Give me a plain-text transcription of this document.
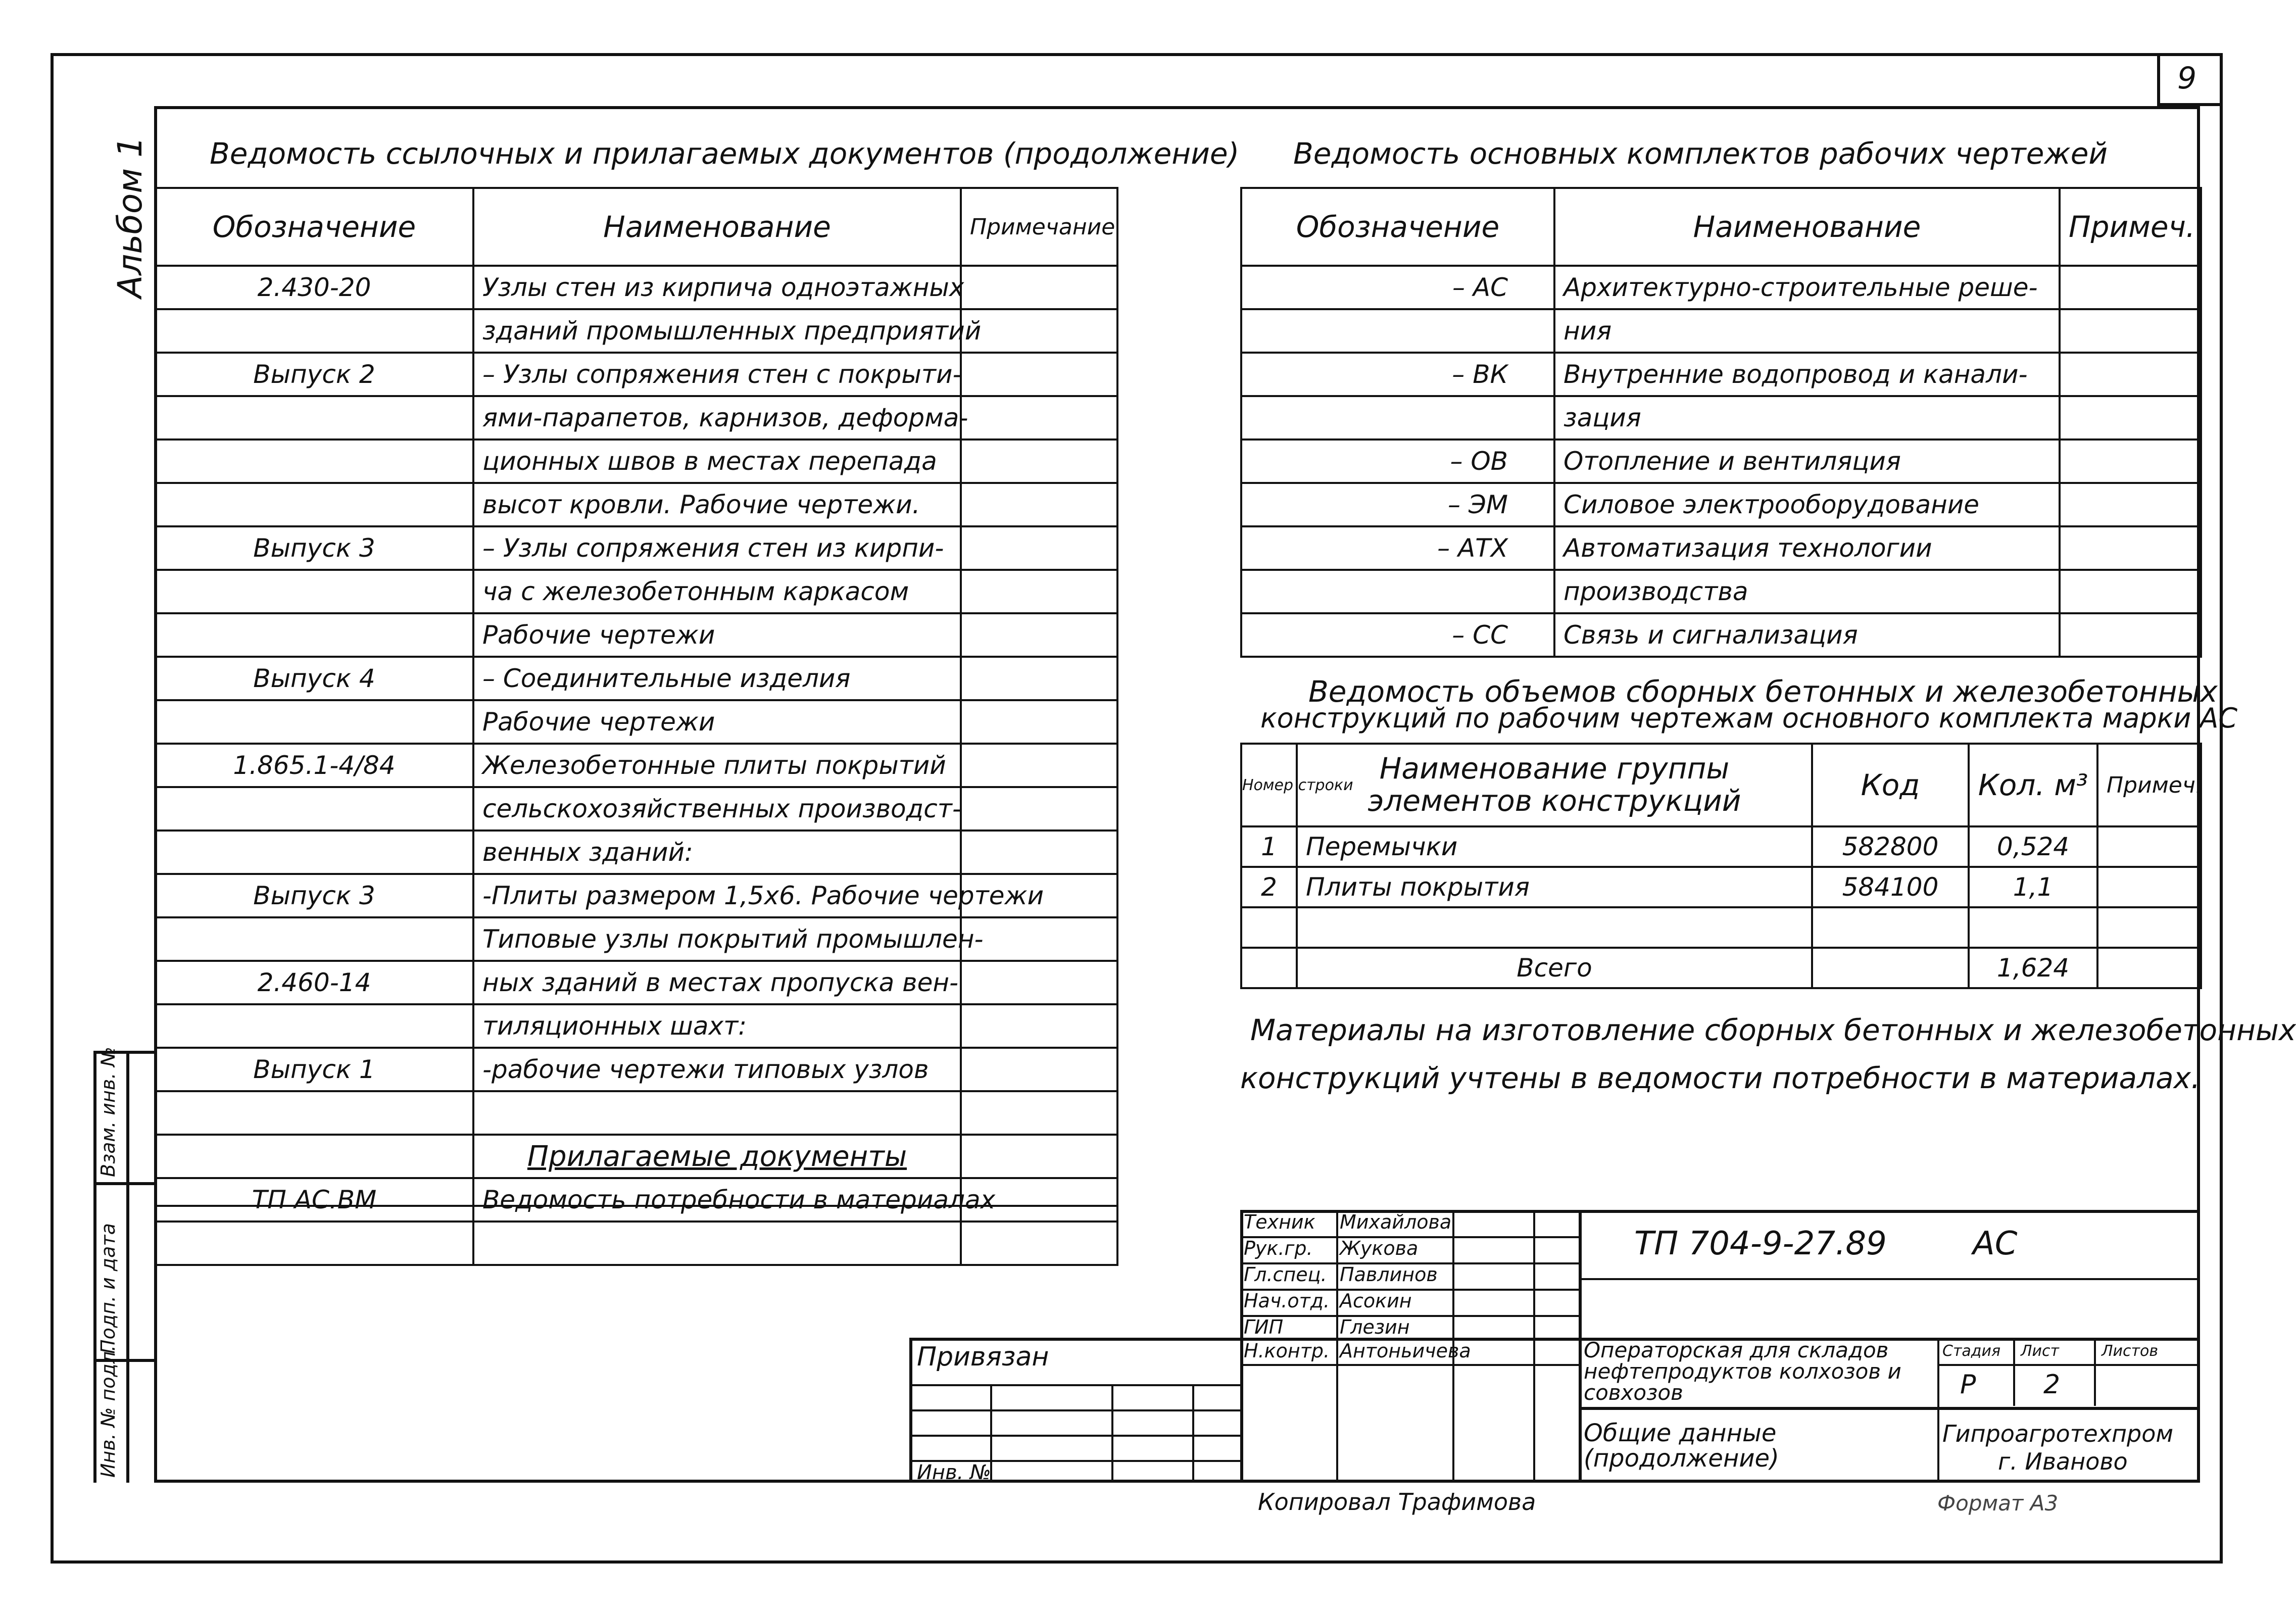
9
Альбом 1
Инв. № подл.
Подп. и дата
Взам. инв. №
Ведомость ссылочных и прилагаемых документов (продолжение)
Обозначение	Наименование	Примечание
2.430-20	Узлы стен из кирпича одноэтажных	
	зданий промышленных предприятий	
Выпуск 2	– Узлы сопряжения стен с покрыти-	
	ями-парапетов, карнизов, деформа-	
	ционных швов в местах перепада	
	высот кровли. Рабочие чертежи.	
Выпуск 3	– Узлы сопряжения стен из кирпи-	
	ча с железобетонным каркасом	
	Рабочие чертежи	
Выпуск 4	– Соединительные изделия	
	Рабочие чертежи	
1.865.1-4/84	Железобетонные плиты покрытий	
	сельскохозяйственных производст-	
	венных зданий:	
Выпуск 3	-Плиты размером 1,5х6. Рабочие чертежи	
	Типовые узлы покрытий промышлен-	
2.460-14	ных зданий в местах пропуска вен-	
	тиляционных шахт:	
Выпуск 1	-рабочие чертежи типовых узлов	

	Прилагаемые документы	
ТП АС.ВМ	Ведомость потребности в материалах	

Ведомость основных комплектов рабочих чертежей
Обозначение	Наименование	Примеч.
– АС	Архитектурно-строительные реше-	
	ния	
– ВК	Внутренние водопровод и канали-	
	зация	
– ОВ	Отопление и вентиляция	
– ЭМ	Силовое электрооборудование	
– АТХ	Автоматизация технологии	
	производства	
– СС	Связь и сигнализация	
Ведомость объемов сборных бетонных и железобетонных
конструкций по рабочим чертежам основного комплекта марки АС
Номер строки	Наименование группы элементов конструкций	Код	Кол. м³	Примеч.
1	Перемычки	582800	0,524	
2	Плиты покрытия	584100	1,1	

	Всего		1,624	
Материалы на изготовление сборных бетонных и железобетонных
конструкций учтены в ведомости потребности в материалах.
Техник Михайлова
Рук.гр. Жукова
Гл.спец. Павлинов
Нач.отд. Асокин
ГИП	Глезин
Н.контр. Антоньичева
ТП 704-9-27.89	АС
Стадия Лист	Листов
Р	2
Операторская для складов нефтепродуктов колхозов и совхозов
Общие данные (продолжение)
Гипроагротехпром
г. Иваново
Привязан
Инв. №
Копировал Трафимова	Формат А3
